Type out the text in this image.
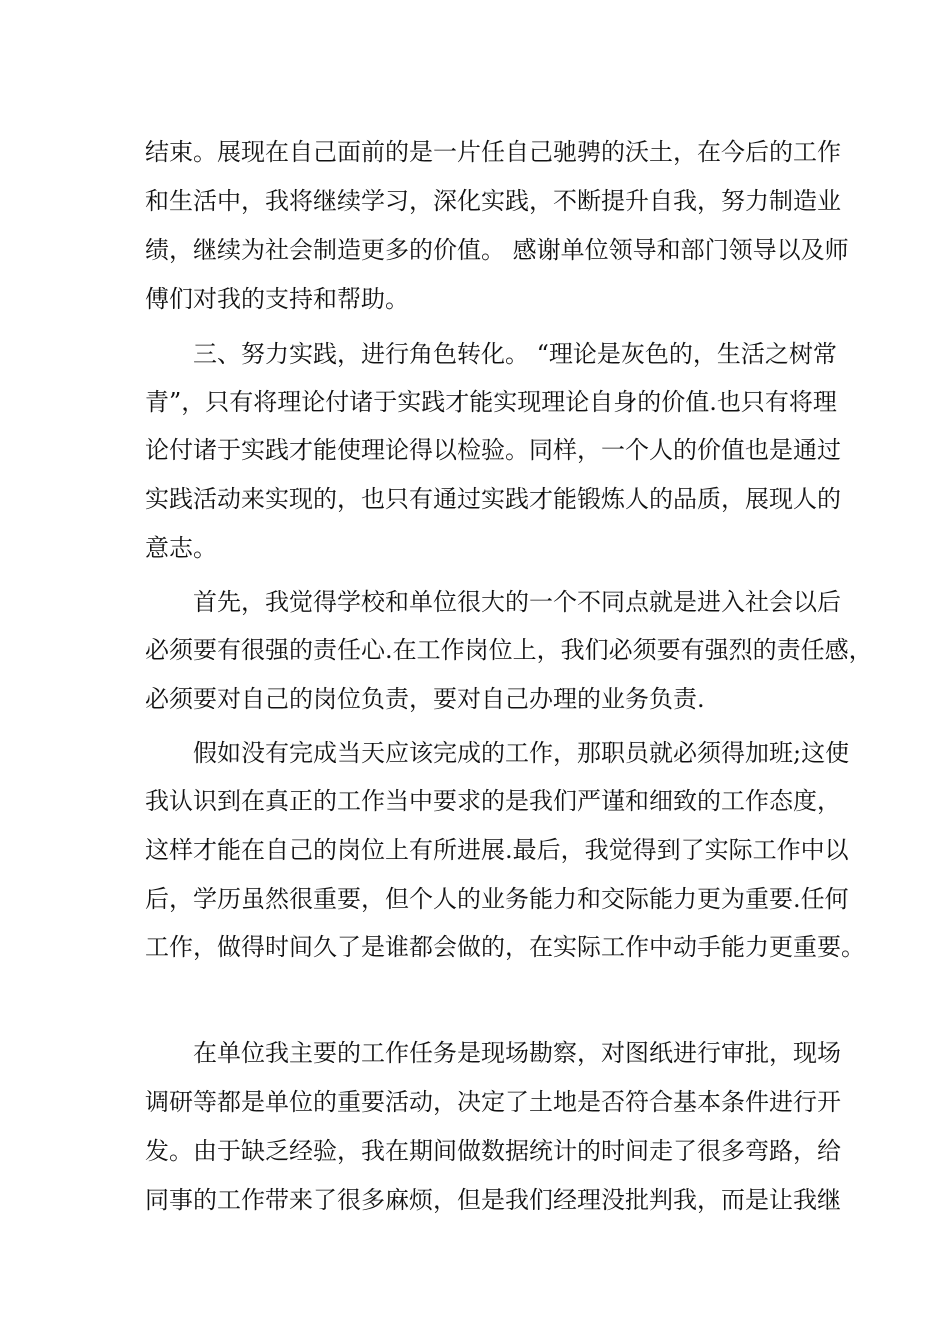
结束。展现在自己面前的是一片任自己驰骋的沃土，在今后的工作
和生活中，我将继续学习，深化实践，不断提升自我，努力制造业
绩，继续为社会制造更多的价值。 感谢单位领导和部门领导以及师
傅们对我的支持和帮助。
三、努力实践，进行角色转化。 “理论是灰色的，生活之树常
青”，只有将理论付诸于实践才能实现理论自身的价值.也只有将理
论付诸于实践才能使理论得以检验。同样，一个人的价值也是通过
实践活动来实现的，也只有通过实践才能锻炼人的品质，展现人的
意志。
首先，我觉得学校和单位很大的一个不同点就是进入社会以后
必须要有很强的责任心.在工作岗位上，我们必须要有强烈的责任感，
必须要对自己的岗位负责，要对自己办理的业务负责.
假如没有完成当天应该完成的工作，那职员就必须得加班;这使
我认识到在真正的工作当中要求的是我们严谨和细致的工作态度，
这样才能在自己的岗位上有所进展.最后，我觉得到了实际工作中以
后，学历虽然很重要，但个人的业务能力和交际能力更为重要.任何
工作，做得时间久了是谁都会做的，在实际工作中动手能力更重要。
在单位我主要的工作任务是现场勘察，对图纸进行审批，现场
调研等都是单位的重要活动，决定了土地是否符合基本条件进行开
发。由于缺乏经验，我在期间做数据统计的时间走了很多弯路，给
同事的工作带来了很多麻烦，但是我们经理没批判我，而是让我继
